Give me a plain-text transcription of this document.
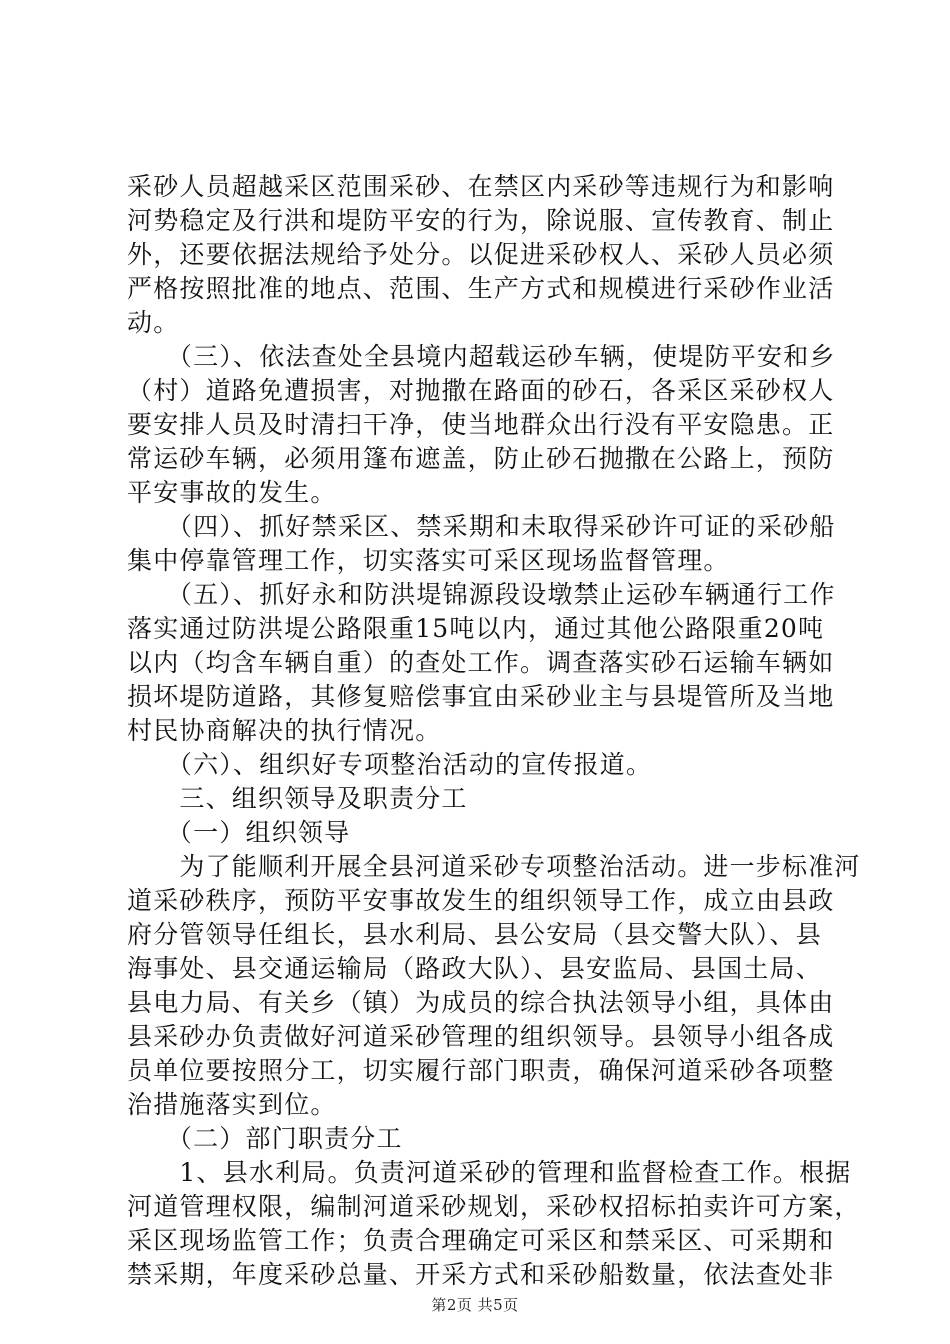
采砂人员超越采区范围采砂、在禁区内采砂等违规行为和影响
河势稳定及行洪和堤防平安的行为，除说服、宣传教育、制止
外，还要依据法规给予处分。以促进采砂权人、采砂人员必须
严格按照批准的地点、范围、生产方式和规模进行采砂作业活
动。
　　（三）、依法查处全县境内超载运砂车辆，使堤防平安和乡
（村）道路免遭损害，对抛撒在路面的砂石，各采区采砂权人
要安排人员及时清扫干净，使当地群众出行没有平安隐患。正
常运砂车辆，必须用篷布遮盖，防止砂石抛撒在公路上，预防
平安事故的发生。
　　（四）、抓好禁采区、禁采期和未取得采砂许可证的采砂船
集中停靠管理工作，切实落实可采区现场监督管理。
　　（五）、抓好永和防洪堤锦源段设墩禁止运砂车辆通行工作
落实通过防洪堤公路限重15吨以内，通过其他公路限重20吨
以内（均含车辆自重）的查处工作。调查落实砂石运输车辆如
损坏堤防道路，其修复赔偿事宜由采砂业主与县堤管所及当地
村民协商解决的执行情况。
　　（六）、组织好专项整治活动的宣传报道。
　　三、组织领导及职责分工
　　（一）组织领导
　　为了能顺利开展全县河道采砂专项整治活动。进一步标准河
道采砂秩序，预防平安事故发生的组织领导工作，成立由县政
府分管领导任组长，县水利局、县公安局（县交警大队）、县
海事处、县交通运输局（路政大队）、县安监局、县国土局、
县电力局、有关乡（镇）为成员的综合执法领导小组，具体由
县采砂办负责做好河道采砂管理的组织领导。县领导小组各成
员单位要按照分工，切实履行部门职责，确保河道采砂各项整
治措施落实到位。
　　（二）部门职责分工
　　1、县水利局。负责河道采砂的管理和监督检查工作。根据
河道管理权限，编制河道采砂规划，采砂权招标拍卖许可方案，
采区现场监管工作；负责合理确定可采区和禁采区、可采期和
禁采期，年度采砂总量、开采方式和采砂船数量，依法查处非
第2页 共5页
